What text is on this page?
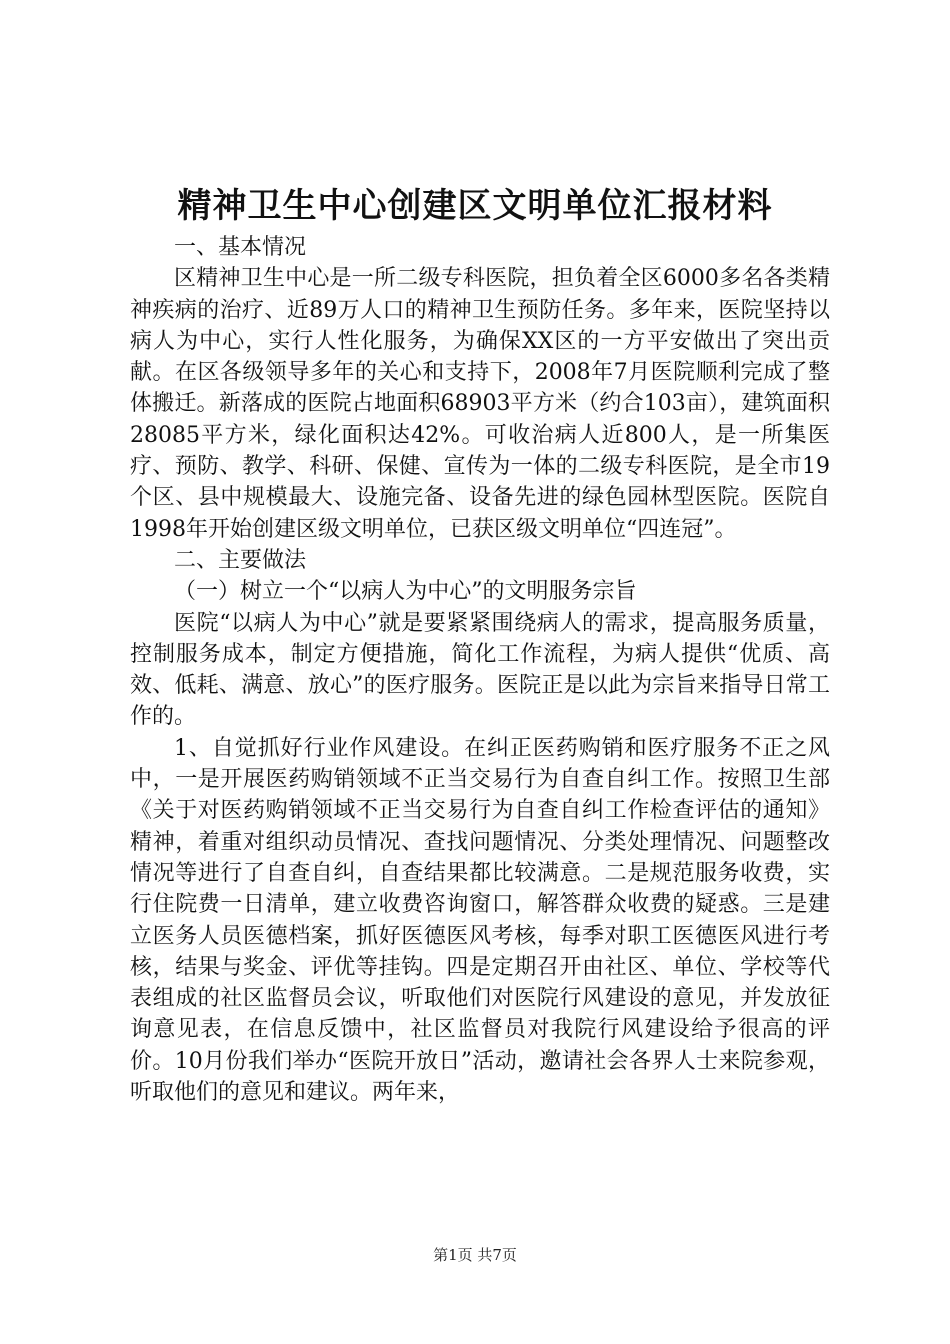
精神卫生中心创建区文明单位汇报材料

一、基本情况

区精神卫生中心是一所二级专科医院，担负着全区6000多名各类精神疾病的治疗、近89万人口的精神卫生预防任务。多年来，医院坚持以病人为中心，实行人性化服务，为确保XX区的一方平安做出了突出贡献。在区各级领导多年的关心和支持下，2008年7月医院顺利完成了整体搬迁。新落成的医院占地面积68903平方米（约合103亩），建筑面积28085平方米，绿化面积达42%。可收治病人近800人，是一所集医疗、预防、教学、科研、保健、宣传为一体的二级专科医院，是全市19个区、县中规模最大、设施完备、设备先进的绿色园林型医院。医院自1998年开始创建区级文明单位，已获区级文明单位“四连冠”。

二、主要做法

（一）树立一个“以病人为中心”的文明服务宗旨

医院“以病人为中心”就是要紧紧围绕病人的需求，提高服务质量，控制服务成本，制定方便措施，简化工作流程，为病人提供“优质、高效、低耗、满意、放心”的医疗服务。医院正是以此为宗旨来指导日常工作的。

1、自觉抓好行业作风建设。在纠正医药购销和医疗服务不正之风中，一是开展医药购销领域不正当交易行为自查自纠工作。按照卫生部《关于对医药购销领域不正当交易行为自查自纠工作检查评估的通知》精神，着重对组织动员情况、查找问题情况、分类处理情况、问题整改情况等进行了自查自纠，自查结果都比较满意。二是规范服务收费，实行住院费一日清单，建立收费咨询窗口，解答群众收费的疑惑。三是建立医务人员医德档案，抓好医德医风考核，每季对职工医德医风进行考核，结果与奖金、评优等挂钩。四是定期召开由社区、单位、学校等代表组成的社区监督员会议，听取他们对医院行风建设的意见，并发放征询意见表，在信息反馈中，社区监督员对我院行风建设给予很高的评价。10月份我们举办“医院开放日”活动，邀请社会各界人士来院参观，听取他们的意见和建议。两年来，

第1页 共7页
